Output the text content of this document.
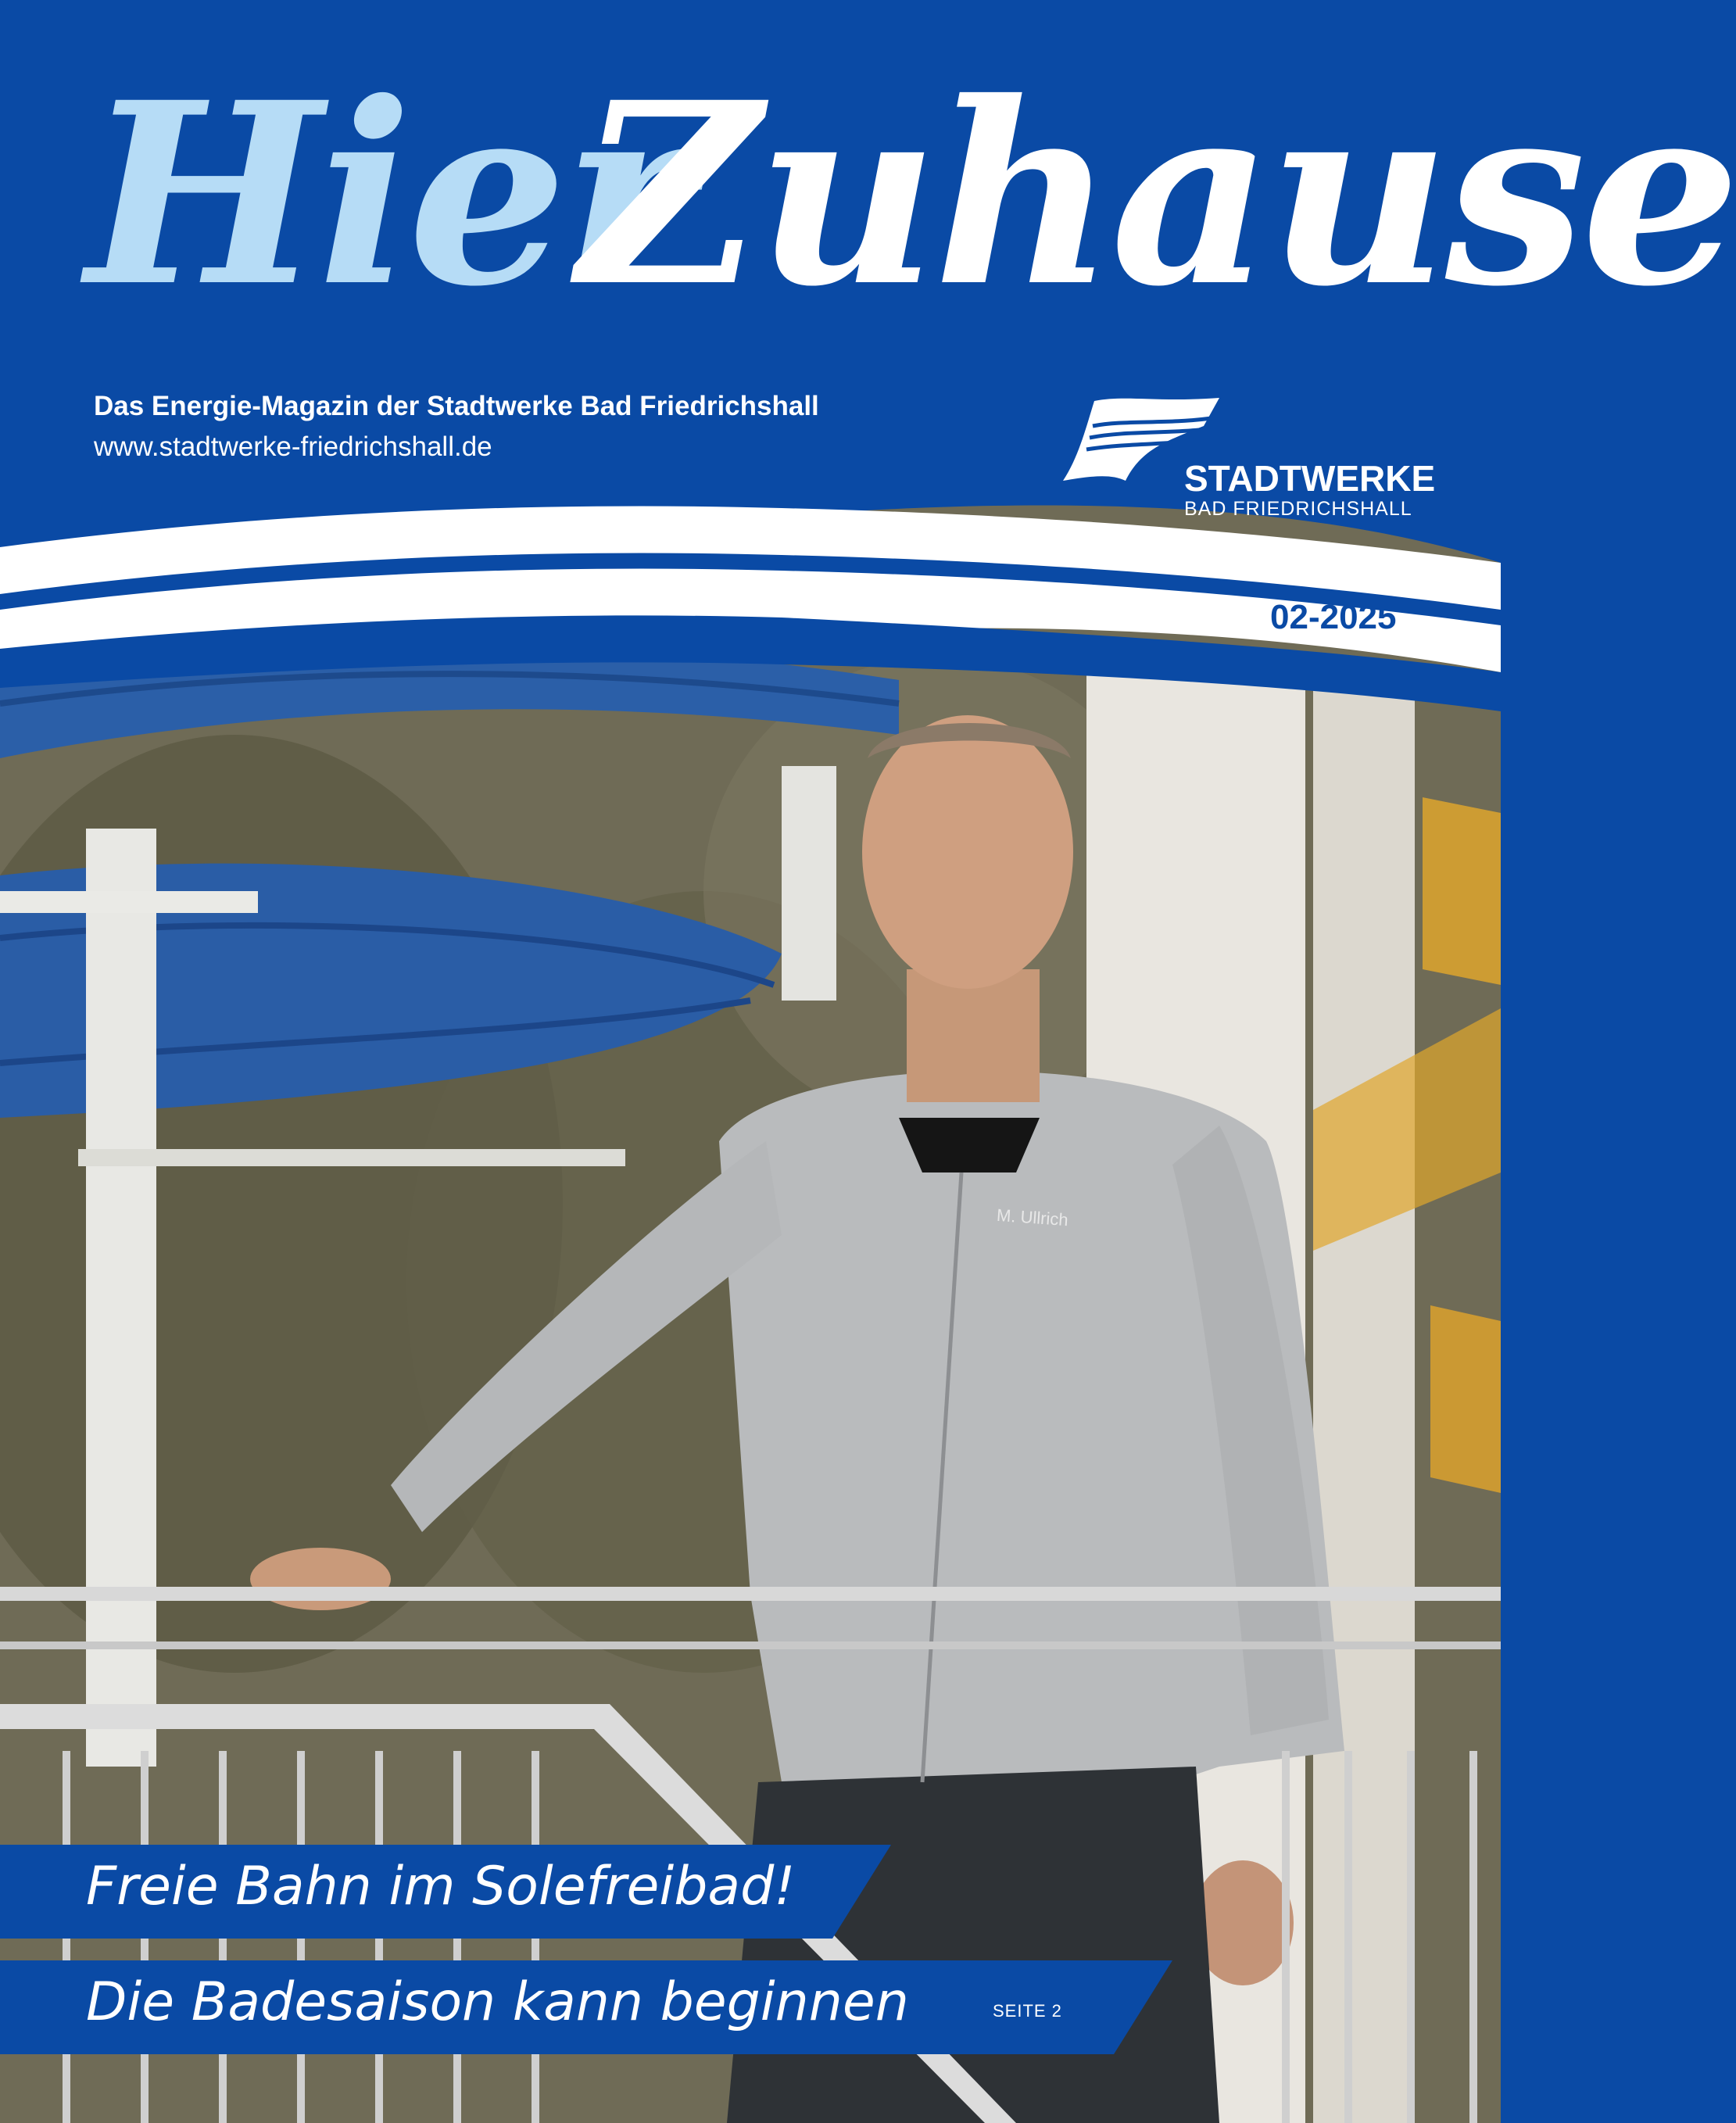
M. Ullrich
Hier
Zuhause
Das Energie-Magazin der Stadtwerke Bad Friedrichshall
www.stadtwerke-friedrichshall.de
STADTWERKE
BAD FRIEDRICHSHALL
02-2025
Freie Bahn im Solefreibad!
Die Badesaison kann beginnen	SEITE 2
